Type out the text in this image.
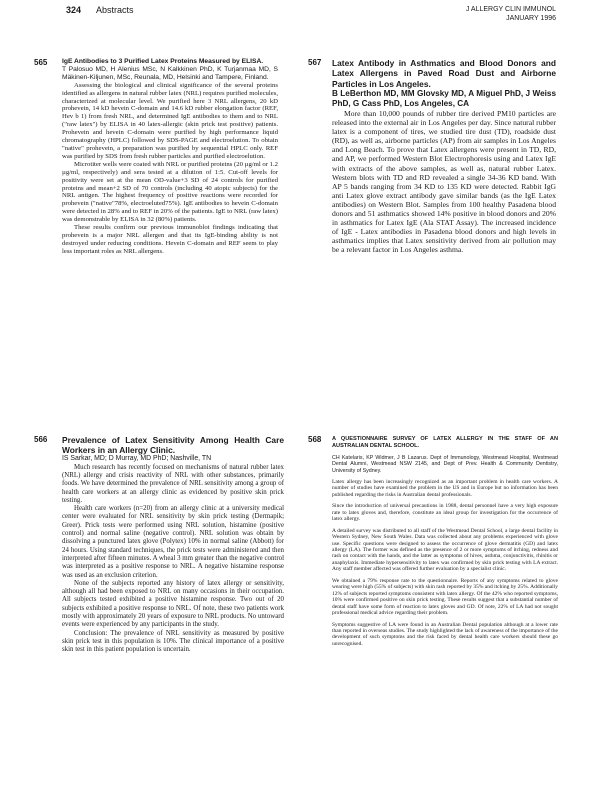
324 Abstracts	J ALLERGY CLIN IMMUNOL
JANUARY 1996
565 IgE Antibodies to 3 Purified Latex Proteins Measured by ELISA.

T Palosuo MD, H Alenius MSc, N Kalkkinen PhD, K Turjanmaa MD, S Mäkinen-Kiljunen, MSc, Reunala, MD, Helsinki and Tampere, Finland.

Assessing the biological and clinical significance of the several proteins identified as allergens in natural rubber latex (NRL) requires purified molecules, characterized at molecular level. We purified here 3 NRL allergens, 20 kD prohevein, 14 kD hevein C-domain and 14.6 kD rubber elongation factor (REF, Hev b 1) from fresh NRL, and determined IgE antibodies to them and to NRL ("raw latex") by ELISA in 40 latex-allergic (skin prick test positive) patients. Prohevein and hevein C-domain were purified by high performance liquid chromatography (HPLC) followed by SDS-PAGE and electroelution. To obtain "native" prohevein, a preparation was purified by sequential HPLC only. REF was purified by SDS from fresh rubber particles and purified electroelution.

Microtiter wells were coated with NRL or purified proteins (20 µg/ml or 1.2 µg/ml, respectively) and sera tested at a dilution of 1:5. Cut-off levels for positivity were set at the mean OD-value+3 SD of 24 controls for purified proteins and mean+2 SD of 70 controls (including 40 atopic subjects) for the NRL antigen. The highest frequency of positive reactions were recorded for prohevein ("native"78%, electroeluted75%). IgE antibodies to hevein C-domain were detected in 28% and to REF in 20% of the patients. IgE to NRL (raw latex) was demonstrable by ELISA in 32 (80%) patients.

These results confirm our previous immunoblot findings indicating that prohevein is a major NRL allergen and that its IgE-binding ability is not destroyed under reducing conditions. Hevein C-domain and REF seem to play less important roles as NRL allergens.

567 Latex Antibody in Asthmatics and Blood Donors and Latex Allergens in Paved Road Dust and Airborne Particles in Los Angeles.

B LeBerthon MD, MM Glovsky MD, A Miguel PhD, J Weiss PhD, G Cass PhD, Los Angeles, CA

More than 10,000 pounds of rubber tire derived PM10 particles are released into the external air in Los Angeles per day. Since natural rubber latex is a component of tires, we studied tire dust (TD), roadside dust (RD), as well as, airborne particles (AP) from air samples in Los Angeles and Long Beach. To prove that Latex allergens were present in TD, RD, and AP, we performed Western Blot Electrophoresis using and Latex IgE with extracts of the above samples, as well as, natural rubber Latex. Western blots with TD and RD revealed a single 34-36 KD band. With AP 5 bands ranging from 34 KD to 135 KD were detected. Rabbit IgG anti Latex glove extract antibody gave similar bands (as the IgE Latex antibodies) on Western Blot. Samples from 100 healthy Pasadena blood donors and 51 asthmatics showed 14% positive in blood donors and 20% in asthmatics for Latex IgE (Ala STAT Assay). The increased incidence of IgE - Latex antibodies in Pasadena blood donors and high levels in asthmatics implies that Latex sensitivity derived from air pollution may be a relevant factor in Los Angeles asthma.

566 Prevalence of Latex Sensitivity Among Health Care Workers in an Allergy Clinic.

IS Sarkar, MD; D Murray, MD PhD; Nashville, TN

Much research has recently focused on mechanisms of natural rubber latex (NRL) allergy and crisis reactivity of NRL with other substances, primarily foods. We have determined the prevalence of NRL sensitivity among a group of health care workers at an allergy clinic as evidenced by positive skin prick testing.

Health care workers (n=20) from an allergy clinic at a university medical center were evaluated for NRL sensitivity by skin prick testing (Dermapik; Greer). Prick tests were performed using NRL solution, histamine (positive control) and normal saline (negative control). NRL solution was obtain by dissolving a punctured latex glove (Polytex) 10% in normal saline (Abbott) for 24 hours. Using standard techniques, the prick tests were administered and then interpreted after fifteen minutes. A wheal 3 mm greater than the negative control was interpreted as a positive response to NRL. A negative histamine response was used as an exclusion criterion.

None of the subjects reported any history of latex allergy or sensitivity, although all had been exposed to NRL on many occasions in their occupation. All subjects tested exhibited a positive histamine response. Two out of 20 subjects exhibited a positive response to NRL. Of note, these two patients work mostly with approximately 20 years of exposure to NRL products. No untoward events were experienced by any participants in the study.

Conclusion: The prevalence of NRL sensitivity as measured by positive skin prick test in this population is 10%. The clinical importance of a positive skin test in this patient population is uncertain.

568 A QUESTIONNAIRE SURVEY OF LATEX ALLERGY IN THE STAFF OF AN AUSTRALIAN DENTAL SCHOOL.

CH Katelaris, KP Widmer, J B Lazarus. Dept of Immunology, Westmead Hospital, Westmead Dental Alumni, Westmead NSW 2145, and Dept of Prev. Health & Community Dentistry, University of Sydney.

Latex allergy has been increasingly recognized as an important problem in health care workers. A number of studies have examined the problem in the US and in Europe but no information has been published regarding the risks in Australian dental professionals.

Since the introduction of universal precautions in 1988, dental personnel have a very high exposure rate to latex gloves and, therefore, constitute an ideal group for investigation for the occurrence of latex allergy.

A detailed survey was distributed to all staff of the Westmead Dental School, a large dental facility in Western Sydney, New South Wales. Data was collected about any problems experienced with glove use. Specific questions were designed to assess the occurrence of glove dermatitis (GD) and latex allergy (LA). The former was defined as the presence of 2 or more symptoms of itching, redness and rash on contact with the hands, and the latter as symptoms of hives, asthma, conjunctivitis, rhinitis or anaphylaxis. Immediate hypersensitivity to latex was confirmed by skin prick testing with LA extract. Any staff member affected was offered further evaluation by a specialist clinic.

We obtained a 79% response rate to the questionnaire. Reports of any symptoms related to glove wearing were high (55% of subjects) with skin rash reported by 35% and itching by 25%. Additionally 12% of subjects reported symptoms consistent with latex allergy. Of the 42% who reported symptoms, 10% were confirmed positive on skin prick testing. These results suggest that a substantial number of dental staff have some form of reaction to latex gloves and GD. Of note, 22% of LA had not sought professional medical advice regarding their problem.

Symptoms suggestive of LA were found in an Australian Dental population although at a lower rate than reported in overseas studies. The study highlighted the lack of awareness of the importance of the development of such symptoms and the risk faced by dental health care workers should these go unrecognised.
